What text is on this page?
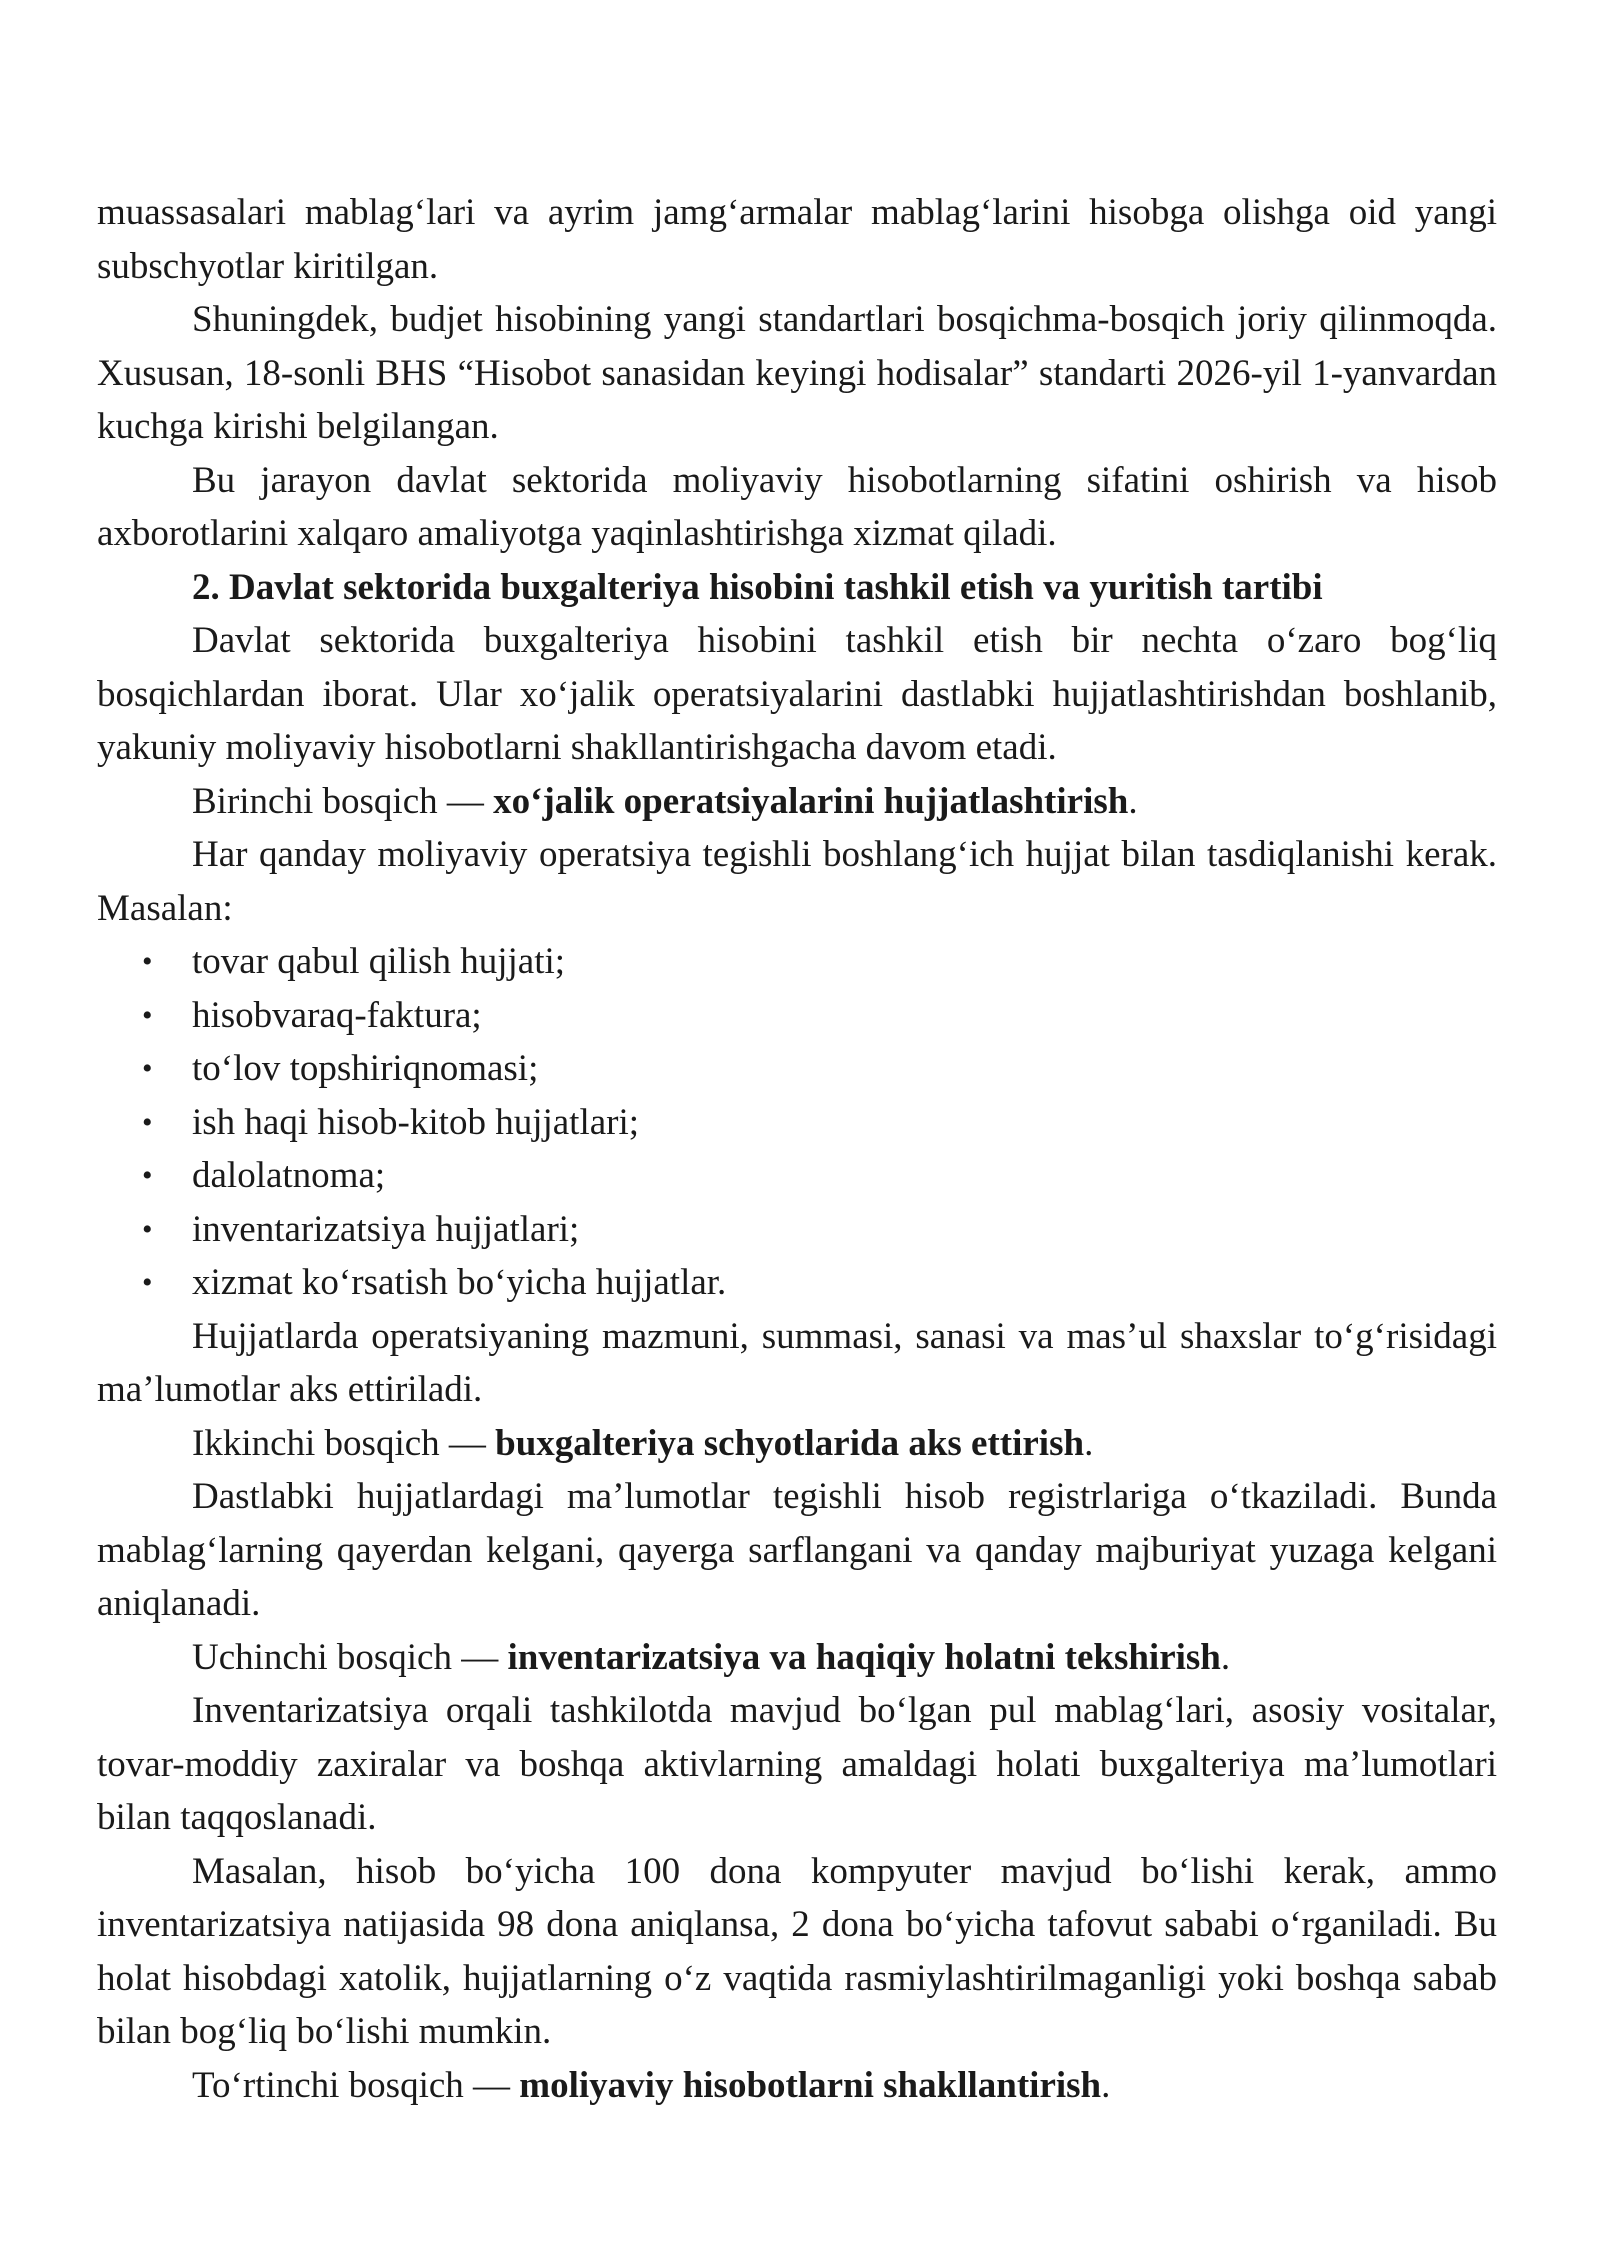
muassasalari mablag‘lari va ayrim jamg‘armalar mablag‘larini hisobga olishga oid yangi subschyotlar kiritilgan.

Shuningdek, budjet hisobining yangi standartlari bosqichma-bosqich joriy qilinmoqda. Xususan, 18-sonli BHS “Hisobot sanasidan keyingi hodisalar” standarti 2026-yil 1-yanvardan kuchga kirishi belgilangan.

Bu jarayon davlat sektorida moliyaviy hisobotlarning sifatini oshirish va hisob axborotlarini xalqaro amaliyotga yaqinlashtirishga xizmat qiladi.

2. Davlat sektorida buxgalteriya hisobini tashkil etish va yuritish tartibi

Davlat sektorida buxgalteriya hisobini tashkil etish bir nechta o‘zaro bog‘liq bosqichlardan iborat. Ular xo‘jalik operatsiyalarini dastlabki hujjatlashtirishdan boshlanib, yakuniy moliyaviy hisobotlarni shakllantirishgacha davom etadi.

Birinchi bosqich — xo‘jalik operatsiyalarini hujjatlashtirish.

Har qanday moliyaviy operatsiya tegishli boshlang‘ich hujjat bilan tasdiqlanishi kerak. Masalan:

• tovar qabul qilish hujjati;
• hisobvaraq-faktura;
• to‘lov topshiriqnomasi;
• ish haqi hisob-kitob hujjatlari;
• dalolatnoma;
• inventarizatsiya hujjatlari;
• xizmat ko‘rsatish bo‘yicha hujjatlar.

Hujjatlarda operatsiyaning mazmuni, summasi, sanasi va mas’ul shaxslar to‘g‘risidagi ma’lumotlar aks ettiriladi.

Ikkinchi bosqich — buxgalteriya schyotlarida aks ettirish.

Dastlabki hujjatlardagi ma’lumotlar tegishli hisob registrlariga o‘tkaziladi. Bunda mablag‘larning qayerdan kelgani, qayerga sarflangani va qanday majburiyat yuzaga kelgani aniqlanadi.

Uchinchi bosqich — inventarizatsiya va haqiqiy holatni tekshirish.

Inventarizatsiya orqali tashkilotda mavjud bo‘lgan pul mablag‘lari, asosiy vositalar, tovar-moddiy zaxiralar va boshqa aktivlarning amaldagi holati buxgalteriya ma’lumotlari bilan taqqoslanadi.

Masalan, hisob bo‘yicha 100 dona kompyuter mavjud bo‘lishi kerak, ammo inventarizatsiya natijasida 98 dona aniqlansa, 2 dona bo‘yicha tafovut sababi o‘rganiladi. Bu holat hisobdagi xatolik, hujjatlarning o‘z vaqtida rasmiylashtirilmaganligi yoki boshqa sabab bilan bog‘liq bo‘lishi mumkin.

To‘rtinchi bosqich — moliyaviy hisobotlarni shakllantirish.
